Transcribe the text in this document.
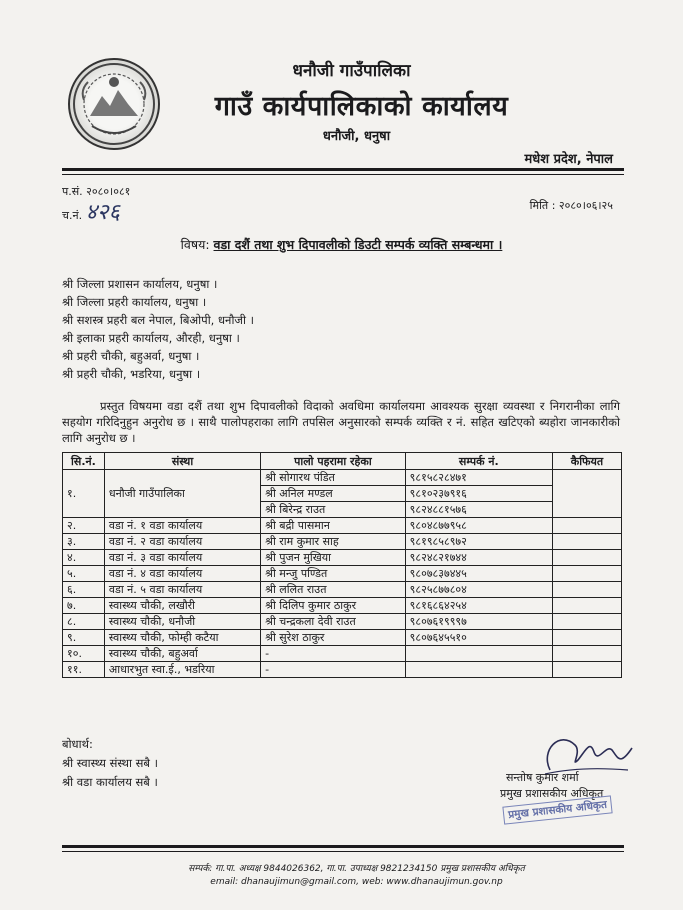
धनौजी गाउँपालिका
गाउँ कार्यपालिकाको कार्यालय
धनौजी, धनुषा
मधेश प्रदेश, नेपाल
प.सं. २०८०।०८१
च.नं. ४२६	मिति : २०८०।०६।२५
विषय: वडा दशैं तथा शुभ दिपावलीको डिउटी सम्पर्क व्यक्ति सम्बन्धमा ।
श्री जिल्ला प्रशासन कार्यालय, धनुषा ।
श्री जिल्ला प्रहरी कार्यालय, धनुषा ।
श्री सशस्त्र प्रहरी बल नेपाल, बिओपी, धनौजी ।
श्री इलाका प्रहरी कार्यालय, औरही, धनुषा ।
श्री प्रहरी चौकी, बहुअर्वा, धनुषा ।
श्री प्रहरी चौकी, भडरिया, धनुषा ।
प्रस्तुत विषयमा वडा दशैं तथा शुभ दिपावलीको विदाको अवधिमा कार्यालयमा आवश्यक सुरक्षा व्यवस्था र निगरानीका लागि सहयोग गरिदिनुहुन अनुरोध छ । साथै पालोपहराका लागि तपसिल अनुसारको सम्पर्क व्यक्ति र नं. सहित खटिएको ब्यहोरा जानकारीको लागि अनुरोध छ ।
सि.नं.	संस्था	पालो पहरामा रहेका	सम्पर्क नं.	कैफियत
१.	धनौजी गाउँपालिका	श्री सोगारथ पंडित	९८१५८२८४७१	
		श्री अनिल मण्डल	९८१०२३७९१६	
		श्री बिरेन्द्र राउत	९८२४८८१५७६	
२.	वडा नं. १ वडा कार्यालय	श्री बद्री पासमान	९८०४८७७९५८	
३.	वडा नं. २ वडा कार्यालय	श्री राम कुमार साह	९८१९८५८९७२	
४.	वडा नं. ३ वडा कार्यालय	श्री पुजन मुखिया	९८२४८२१७४४	
५.	वडा नं. ४ वडा कार्यालय	श्री मन्जु पण्डित	९८०७८३७४४५	
६.	वडा नं. ५ वडा कार्यालय	श्री ललित राउत	९८२५८७७८०४	
७.	स्वास्थ्य चौकी, लखौरी	श्री दिलिप कुमार ठाकुर	९८१६८६४२५४	
८.	स्वास्थ्य चौकी, धनौजी	श्री चन्द्रकला देवी राउत	९८०७६१९९९७	
९.	स्वास्थ्य चौकी, फोम्ही कटैया	श्री सुरेश ठाकुर	९८०७६४५५१०	
१०.	स्वास्थ्य चौकी, बहुअर्वा	-		
११.	आधारभुत स्वा.ई., भडरिया	-		
बोधार्थ:
श्री स्वास्थ्य संस्था सबै ।
श्री वडा कार्यालय सबै ।	सन्तोष कुमार शर्मा
प्रमुख प्रशासकीय अधिकृत
प्रमुख प्रशासकीय अधिकृत
सम्पर्क: गा.पा. अध्यक्ष 9844026362, गा.पा. उपाध्यक्ष 9821234150 प्रमुख प्रशासकीय अधिकृत
email: dhanaujimun@gmail.com, web: www.dhanaujimun.gov.np
